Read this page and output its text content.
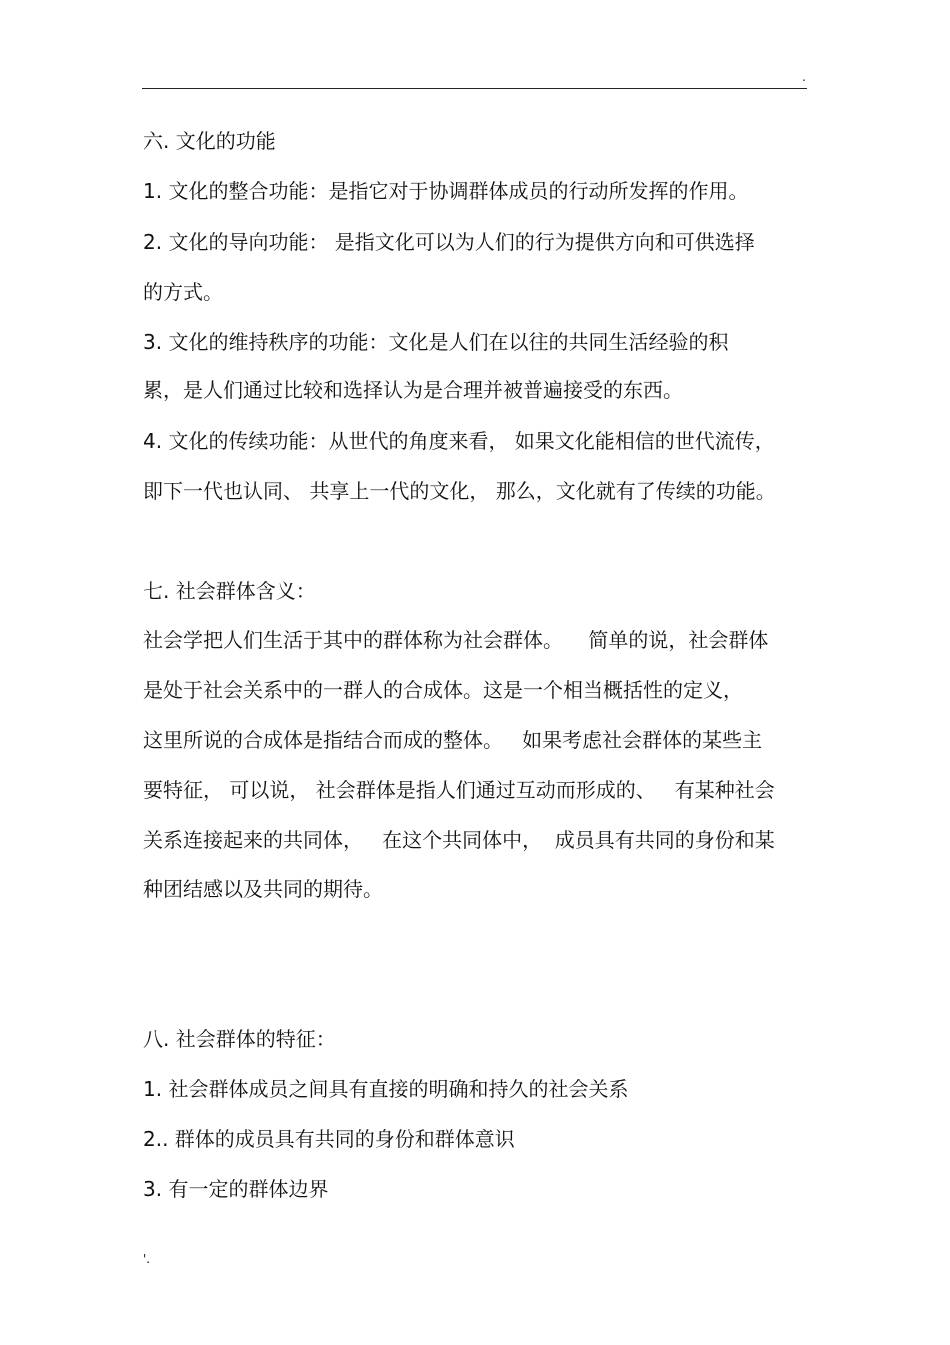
.
六. 文化的功能
1. 文化的整合功能：是指它对于协调群体成员的行动所发挥的作用。
2. 文化的导向功能： 是指文化可以为人们的行为提供方向和可供选择
的方式。
3. 文化的维持秩序的功能：文化是人们在以往的共同生活经验的积
累，是人们通过比较和选择认为是合理并被普遍接受的东西。
4. 文化的传续功能：从世代的角度来看， 如果文化能相信的世代流传，
即下一代也认同、 共享上一代的文化， 那么，文化就有了传续的功能。
七. 社会群体含义：
社会学把人们生活于其中的群体称为社会群体。    简单的说，社会群体
是处于社会关系中的一群人的合成体。这是一个相当概括性的定义，
这里所说的合成体是指结合而成的整体。   如果考虑社会群体的某些主
要特征， 可以说， 社会群体是指人们通过互动而形成的、   有某种社会
关系连接起来的共同体，   在这个共同体中，  成员具有共同的身份和某
种团结感以及共同的期待。
八. 社会群体的特征：
1. 社会群体成员之间具有直接的明确和持久的社会关系
2.. 群体的成员具有共同的身份和群体意识
3. 有一定的群体边界
'.
